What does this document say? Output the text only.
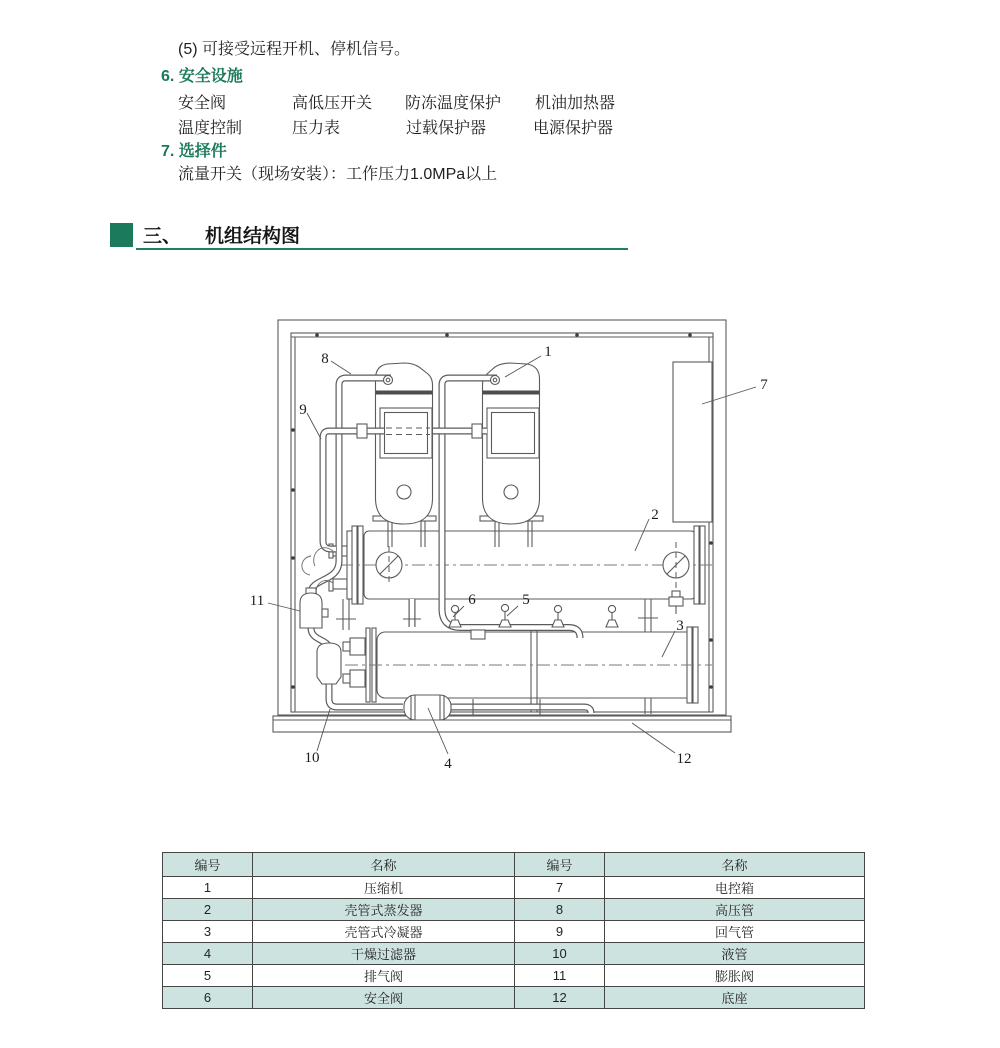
(5) 可接受远程开机、停机信号。
6. 安全设施
安全阀	高低压开关 防冻温度保护 机油加热器
温度控制	压力表	过载保护器	电源保护器
7. 选择件
流量开关（现场安装）：工作压力1.0MPa以上
三、 机组结构图
1
2
3
4
5
6
7
8
9
10
11
12
编号	名称	编号	名称
1	压缩机	7	电控箱
2	壳管式蒸发器	8	高压管
3	壳管式冷凝器	9	回气管
4	干燥过滤器	10	液管
5	排气阀	11	膨胀阀
6	安全阀	12	底座
